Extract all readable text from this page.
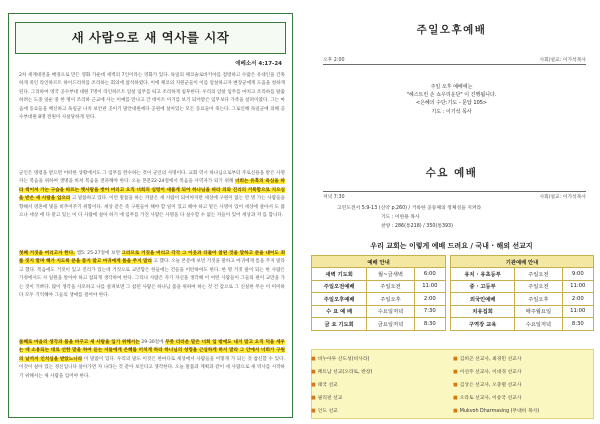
새 사람으로 새 역사를 시작
에베소서 4:17-24

2차 세계대전을 배경으로 만든 영화 가운데 세벽의 7인이라는 영화가 있다. 독일의 체코슬로바키아를 점령하고 수많은 유대인을 간혹하게 죽인 라인하르트 하이드리히를 조리하는 회의에 참석하였다. 이에 체코의 지원군들이 이를 암살하고자 변장군에게 도움을 청하게 된다. 그리하여 영국 공수부대 대원 7명이 라인하르트 암살 임무를 띠고 조리하게 침투한다. 우리의 암살 임무를 마치고 조리하를 탈출하려는 도중 일순 중 한 명이 조리하 근교에 사는 이예를 만나고 간 데이트 이기를 보기 되어받은 임무보다 가족을 살펴이였다. 그는 마음에 동료들을 배신하고 독일군 나치 보안관 곳이기 말안대원에다 공원에 살아있는 모든 동료들이 죽는다. 그로인해 독일군에 의해 공수부대원 8명 전원이 사살당하게 된다.

군인은 명령을 받으면 어떠한 상황에서도 그 임무를 완수하는 것이 군인의 사명이다. 교회 역시 하나님으로부터 주로신용을 받은 사명 자는 복음을 위하여 생명을 바쳐 복음을 전파해야 한다. 오늘 본문22-24절에서 복음을 사역자가 되기 위해 너희는 유혹의 욕심을 따라 썩어져 가는 구습을 따르는 옛사람을 벗어 버리고 오직 너희의 심령이 새롭게 되어 하나님을 따라 의와 진리의 거룩함으로 지으심을 받은 새 사람을 입으라 고 말씀하고 있다. 이런 말씀을 하는 까닭은 새 사람이 되어야지만 세상에 구원이 없는 만 명 가는 사람들을 향해서 영혼에 빛을 비추어주기 위함이다. 세상 같은 즉 구원들이 해야 할 일이 있고 해야 하고 맡은 사명이 있어 세상에 살아서 도 많으나 세상 에 다 맡고 있는 이 다 사람에 살아 하기 에 임무를 가진 사람은 사명을 다 실수할 수 없는 자들이 있어 세상과 저 를 합니다.

첫째 거짓을 버리고자 한다. 엡5: 25-27절에 보면 그러므로 거짓을 버리고 각각 그 이웃과 더불어 참된 것을 말하고 분을 내어도 죄를 짓지 말며 해가 지도록 분을 품지 말고 마귀에게 틈을 주지 말라 고 했다. 오늘 본문에 보면 거짓을 말하고 마귀에게 틈을 주지 말라고 했다. 복음에도 거짓이 있고 진리가 있는데 거짓으로 교만함은 한들에는 건들을 이탄하여도 한다. 한 명 거짓 말이 되는 한 사람은 가정에서도 사 일원을 알아야 하고 참되게 생각하여 한다. 그리나 사람은 자기 자신을 생각해 이 어떤 사람들이 그들의 편이 교만을 가는 것이 기쁘다. 많이 생각을 사모하고 나를 살펴보면 그 참된 사람은 하나님 몸을 위하여 하는 것 건 감으로 그 신실한 무슨 이 미미하다 모두 기억해야 그들의 생애를 걸어야 한다.

둘째로 마음의 생각과 몸을 바꾸고 새 사람을 입기 위해서는 29-30절에 무릇 더러운 말은 너희 입 밖에도 내지 말고 오직 덕을 세우는 데 소용되는 대로 선한 말을 하여 듣는 자들에게 은혜를 끼치게 하라 하나님의 성령을 근심하게 하지 말라 그 안에서 너희가 구원의 날까지 인치심을 받았느니라 이 말씀이 있다. 우리의 말도 이것은 한마디로 세상에서 사람들을 어떻게 가 되는 것 참신할 수 있다. 이것이 살아 있는 정신입니다 살아가면 자 나라는 것 같아 보인다고 생각한다. 오늘 말씀과 계획과 같이 세 사람으로 새 역사를 시작하기 위해서는 새 사람을 입어야 한다.

주일오후예배
오후 2:00	사회/설교: 이가석목사
주일 오후 예배에는
"헤스트린 손 쇼우리운단" 이 진행됩니다.
<은혜의 수단:기도 - 문답 105>
기도 : 이기석 목사
수요 예배
저녁 7:30	사회/설교: 이가석목사
고린도전서 5:9-13 (신약 p.260) / 거룩한 공동체의 정체성을 지켜라
기도 : 이한용 목사
찬양 : 286(통218) / 350(통393)
우리 교회는 이렇게 예배 드려요 / 국내 · 해외 선교지
예배 안내				기관예배 안내		
새벽 기도회	월~금새벽	6:00		유치 · 유초등부	주일오전	9:00
주일오전예배	주일오전	11:00		중 · 고등부	주일오전	11:00
주일오후예배	주일오후	2:00		외국인예배	주일오후	2:00
수 요 예 배	수요일저녁	7:30		치유집회	매주월요일	11:00
금 요 기도회	금요일저녁	8:30		구역장 교육	수요일저녁	8:30
■ 비누아투 산도성(비사라)	■ 김희곤 선교사, 최경민 선교사
■ 페트남 선교(오라토, 반장)	■ 이선주 선교사, 이대경 선교사
■ 태국 선교	■ 김상은 선교사, 오충렬 선교사
■ 필리핀 선교	■ 오라토 선교사, 이송국 선교사
■ 인도 선교	■ Mukvoh Dharmasing (무대바 목사)
